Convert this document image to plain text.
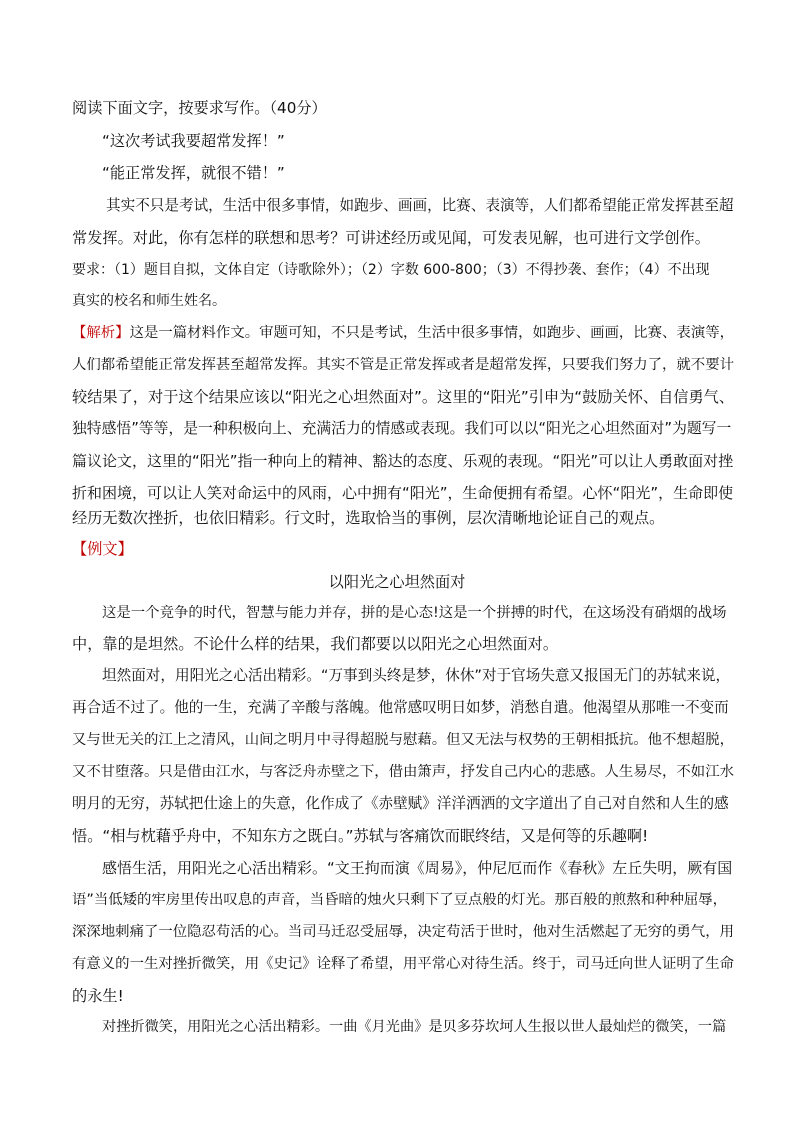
阅读下面文字，按要求写作。（40分）
“这次考试我要超常发挥！”
“能正常发挥，就很不错！”
其实不只是考试，生活中很多事情，如跑步、画画，比赛、表演等，人们都希望能正常发挥甚至超
常发挥。对此，你有怎样的联想和思考？可讲述经历或见闻，可发表见解，也可进行文学创作。
要求：（1）题目自拟，文体自定（诗歌除外）；（2）字数 600-800；（3）不得抄袭、套作；（4）不出现
真实的校名和师生姓名。
【解析】这是一篇材料作文。审题可知，不只是考试，生活中很多事情，如跑步、画画，比赛、表演等，
人们都希望能正常发挥甚至超常发挥。其实不管是正常发挥或者是超常发挥，只要我们努力了，就不要计
较结果了，对于这个结果应该以“阳光之心坦然面对”。这里的“阳光”引申为“鼓励关怀、自信勇气、
独特感悟”等等，是一种积极向上、充满活力的情感或表现。我们可以以“阳光之心坦然面对”为题写一
篇议论文，这里的“阳光”指一种向上的精神、豁达的态度、乐观的表现。“阳光”可以让人勇敢面对挫
折和困境，可以让人笑对命运中的风雨，心中拥有“阳光”，生命便拥有希望。心怀“阳光”，生命即使
经历无数次挫折，也依旧精彩。行文时，选取恰当的事例，层次清晰地论证自己的观点。
【例文】
以阳光之心坦然面对
这是一个竞争的时代，智慧与能力并存，拼的是心态!这是一个拼搏的时代，在这场没有硝烟的战场
中，靠的是坦然。不论什么样的结果，我们都要以以阳光之心坦然面对。
坦然面对，用阳光之心活出精彩。“万事到头终是梦，休休”对于官场失意又报国无门的苏轼来说，
再合适不过了。他的一生，充满了辛酸与落魄。他常感叹明日如梦，消愁自遣。他渴望从那唯一不变而
又与世无关的江上之清风，山间之明月中寻得超脱与慰藉。但又无法与权势的王朝相抵抗。他不想超脱，
又不甘堕落。只是借由江水，与客泛舟赤壁之下，借由箫声，抒发自己内心的悲感。人生易尽，不如江水
明月的无穷，苏轼把仕途上的失意，化作成了《赤壁赋》洋洋洒洒的文字道出了自己对自然和人生的感
悟。“相与枕藉乎舟中，不知东方之既白。”苏轼与客痛饮而眠终结，又是何等的乐趣啊!
感悟生活，用阳光之心活出精彩。“文王拘而演《周易》，仲尼厄而作《春秋》左丘失明，厥有国
语”当低矮的牢房里传出叹息的声音，当昏暗的烛火只剩下了豆点般的灯光。那百般的煎熬和种种屈辱，
深深地刺痛了一位隐忍苟活的心。当司马迁忍受屈辱，决定苟活于世时，他对生活燃起了无穷的勇气，用
有意义的一生对挫折微笑，用《史记》诠释了希望，用平常心对待生活。终于，司马迁向世人证明了生命
的永生!
对挫折微笑，用阳光之心活出精彩。一曲《月光曲》是贝多芬坎坷人生报以世人最灿烂的微笑，一篇
